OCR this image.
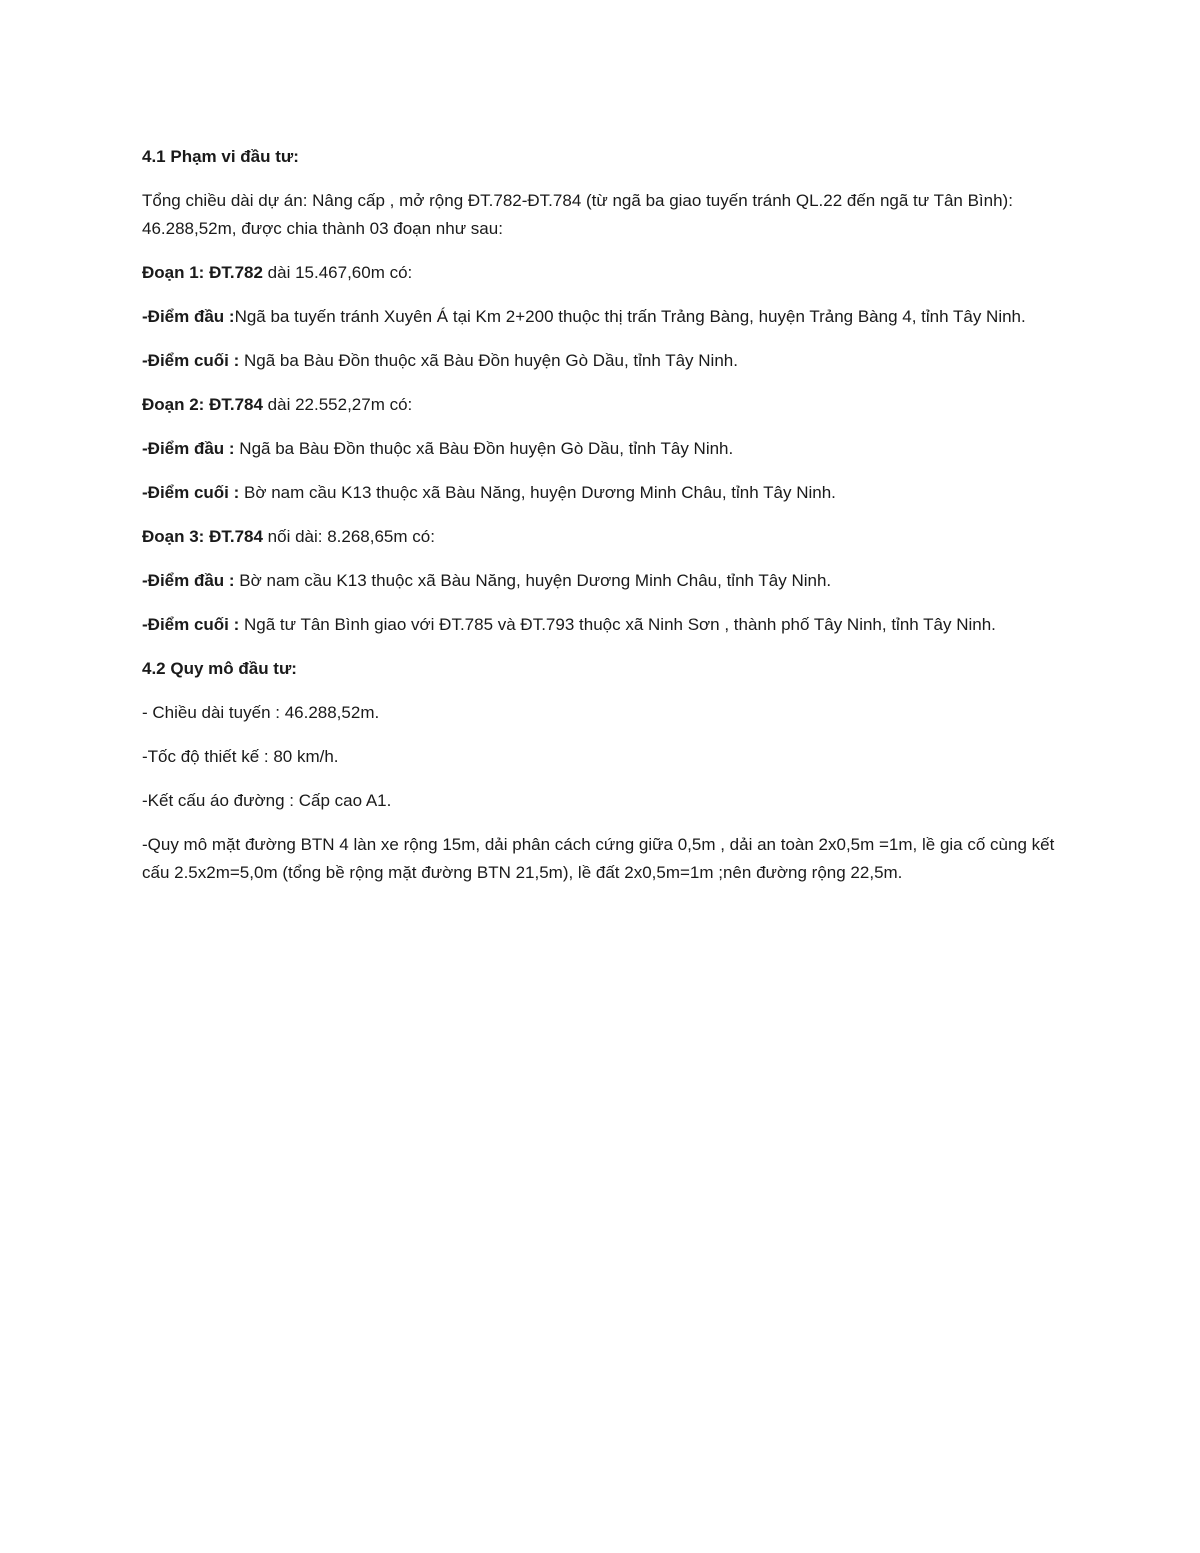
4.1 Phạm vi đầu tư:

Tổng chiều dài dự án: Nâng cấp , mở rộng ĐT.782-ĐT.784 (từ ngã ba giao tuyến tránh QL.22 đến ngã tư Tân Bình): 46.288,52m, được chia thành 03 đoạn như sau:

Đoạn 1: ĐT.782 dài 15.467,60m có:

-Điểm đầu :Ngã ba tuyến tránh Xuyên Á tại Km 2+200 thuộc thị trấn Trảng Bàng, huyện Trảng Bàng 4, tỉnh Tây Ninh.

-Điểm cuối : Ngã ba Bàu Đồn thuộc xã Bàu Đồn huyện Gò Dầu, tỉnh Tây Ninh.

Đoạn 2: ĐT.784 dài 22.552,27m có:

-Điểm đầu : Ngã ba Bàu Đồn thuộc xã Bàu Đồn huyện Gò Dầu, tỉnh Tây Ninh.

-Điểm cuối : Bờ nam cầu K13 thuộc xã Bàu Năng, huyện Dương Minh Châu, tỉnh Tây Ninh.

Đoạn 3: ĐT.784 nối dài: 8.268,65m có:

-Điểm đầu : Bờ nam cầu K13 thuộc xã Bàu Năng, huyện Dương Minh Châu, tỉnh Tây Ninh.

-Điểm cuối : Ngã tư Tân Bình giao với ĐT.785 và ĐT.793 thuộc xã Ninh Sơn , thành phố Tây Ninh, tỉnh Tây Ninh.

4.2 Quy mô đầu tư:

- Chiều dài tuyến : 46.288,52m.

-Tốc độ thiết kế : 80 km/h.

-Kết cấu áo đường : Cấp cao A1.

-Quy mô mặt đường BTN 4 làn xe rộng 15m, dải phân cách cứng giữa 0,5m , dải an toàn 2x0,5m =1m, lề gia cố cùng kết cấu 2.5x2m=5,0m (tổng bề rộng mặt đường BTN 21,5m), lề đất 2x0,5m=1m ;nên đường rộng 22,5m.
